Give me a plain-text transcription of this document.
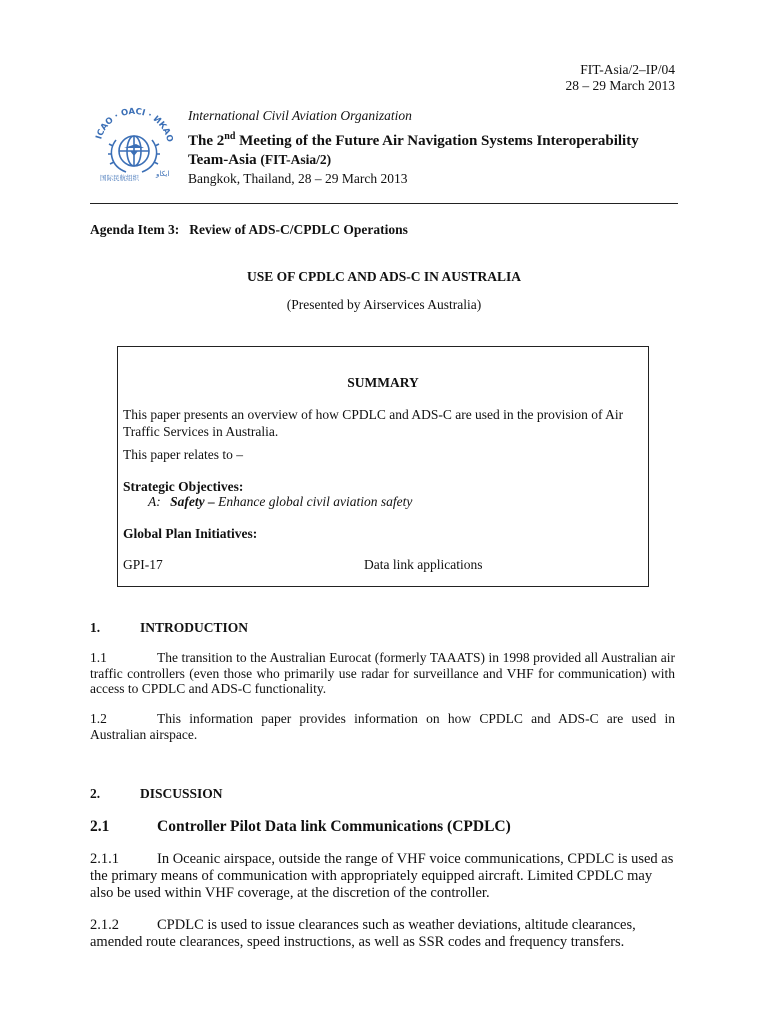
FIT-Asia/2–IP/04
28 – 29 March 2013
ICAO · OACI · ИКАО
国际民航组织 ايكاو
International Civil Aviation Organization
The 2nd Meeting of the Future Air Navigation Systems Interoperability Team-Asia (FIT-Asia/2)
Bangkok, Thailand, 28 – 29 March 2013
Agenda Item 3: Review of ADS-C/CPDLC Operations
USE OF CPDLC AND ADS-C IN AUSTRALIA
(Presented by Airservices Australia)
SUMMARY
This paper presents an overview of how CPDLC and ADS-C are used in the provision of Air Traffic Services in Australia.
This paper relates to –
Strategic Objectives:
A: Safety – Enhance global civil aviation safety
Global Plan Initiatives:
GPI-17	Data link applications
1.	INTRODUCTION
1.1	The transition to the Australian Eurocat (formerly TAAATS) in 1998 provided all Australian air traffic controllers (even those who primarily use radar for surveillance and VHF for communication) with access to CPDLC and ADS-C functionality.
1.2	This information paper provides information on how CPDLC and ADS-C are used in Australian airspace.
2.	DISCUSSION
2.1	Controller Pilot Data link Communications (CPDLC)
2.1.1	In Oceanic airspace, outside the range of VHF voice communications, CPDLC is used as the primary means of communication with appropriately equipped aircraft. Limited CPDLC may also be used within VHF coverage, at the discretion of the controller.
2.1.2	CPDLC is used to issue clearances such as weather deviations, altitude clearances, amended route clearances, speed instructions, as well as SSR codes and frequency transfers.
